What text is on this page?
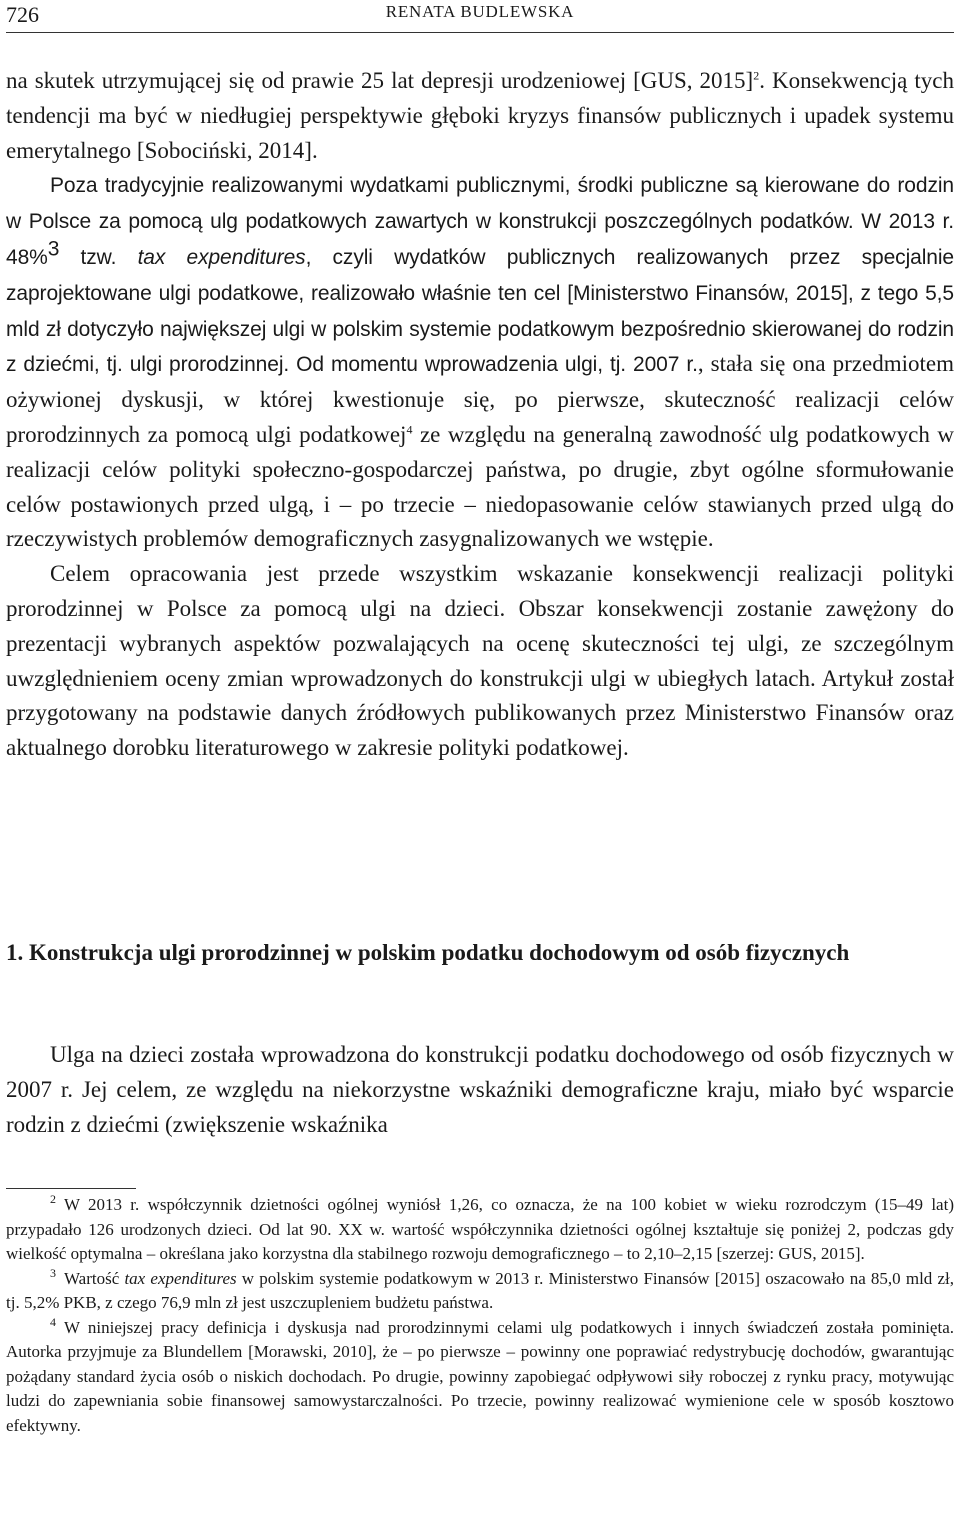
726	RENATA BUDLEWSKA

na skutek utrzymującej się od prawie 25 lat depresji urodzeniowej [GUS, 2015]$^2$. Konsekwencją tych tendencji ma być w niedługiej perspektywie głęboki kryzys finansów publicznych i upadek systemu emerytalnego [Sobociński, 2014].

Poza tradycyjnie realizowanymi wydatkami publicznymi, środki publiczne są kierowane do rodzin w Polsce za pomocą ulg podatkowych zawartych w konstrukcji poszczególnych podatków. W 2013 r. 48%$^3$ tzw. tax expenditures, czyli wydatków publicznych realizowanych przez specjalnie zaprojektowane ulgi podatkowe, realizowało właśnie ten cel [Ministerstwo Finansów, 2015], z tego 5,5 mld zł dotyczyło największej ulgi w polskim systemie podatkowym bezpośrednio skierowanej do rodzin z dziećmi, tj. ulgi prorodzinnej. Od momentu wprowadzenia ulgi, tj. 2007 r., stała się ona przedmiotem ożywionej dyskusji, w której kwestionuje się, po pierwsze, skuteczność realizacji celów prorodzinnych za pomocą ulgi podatkowej$^4$ ze względu na generalną zawodność ulg podatkowych w realizacji celów polityki społeczno-gospodarczej państwa, po drugie, zbyt ogólne sformułowanie celów postawionych przed ulgą, i – po trzecie – niedopasowanie celów stawianych przed ulgą do rzeczywistych problemów demograficznych zasygnalizowanych we wstępie.

Celem opracowania jest przede wszystkim wskazanie konsekwencji realizacji polityki prorodzinnej w Polsce za pomocą ulgi na dzieci. Obszar konsekwencji zostanie zawężony do prezentacji wybranych aspektów pozwalających na ocenę skuteczności tej ulgi, ze szczególnym uwzględnieniem oceny zmian wprowadzonych do konstrukcji ulgi w ubiegłych latach. Artykuł został przygotowany na podstawie danych źródłowych publikowanych przez Ministerstwo Finansów oraz aktualnego dorobku literaturowego w zakresie polityki podatkowej.

1. Konstrukcja ulgi prorodzinnej w polskim podatku dochodowym od osób fizycznych

Ulga na dzieci została wprowadzona do konstrukcji podatku dochodowego od osób fizycznych w 2007 r. Jej celem, ze względu na niekorzystne wskaźniki demograficzne kraju, miało być wsparcie rodzin z dziećmi (zwiększenie wskaźnika

$^2$ W 2013 r. współczynnik dzietności ogólnej wyniósł 1,26, co oznacza, że na 100 kobiet w wieku rozrodczym (15–49 lat) przypadało 126 urodzonych dzieci. Od lat 90. XX w. wartość współczynnika dzietności ogólnej kształtuje się poniżej 2, podczas gdy wielkość optymalna – określana jako korzystna dla stabilnego rozwoju demograficznego – to 2,10–2,15 [szerzej: GUS, 2015].

$^3$ Wartość tax expenditures w polskim systemie podatkowym w 2013 r. Ministerstwo Finansów [2015] oszacowało na 85,0 mld zł, tj. 5,2% PKB, z czego 76,9 mln zł jest uszczupleniem budżetu państwa.

$^4$ W niniejszej pracy definicja i dyskusja nad prorodzinnymi celami ulg podatkowych i innych świadczeń została pominięta. Autorka przyjmuje za Blundellem [Morawski, 2010], że – po pierwsze – powinny one poprawiać redystrybucję dochodów, gwarantując pożądany standard życia osób o niskich dochodach. Po drugie, powinny zapobiegać odpływowi siły roboczej z rynku pracy, motywując ludzi do zapewniania sobie finansowej samowystarczalności. Po trzecie, powinny realizować wymienione cele w sposób kosztowo efektywny.
